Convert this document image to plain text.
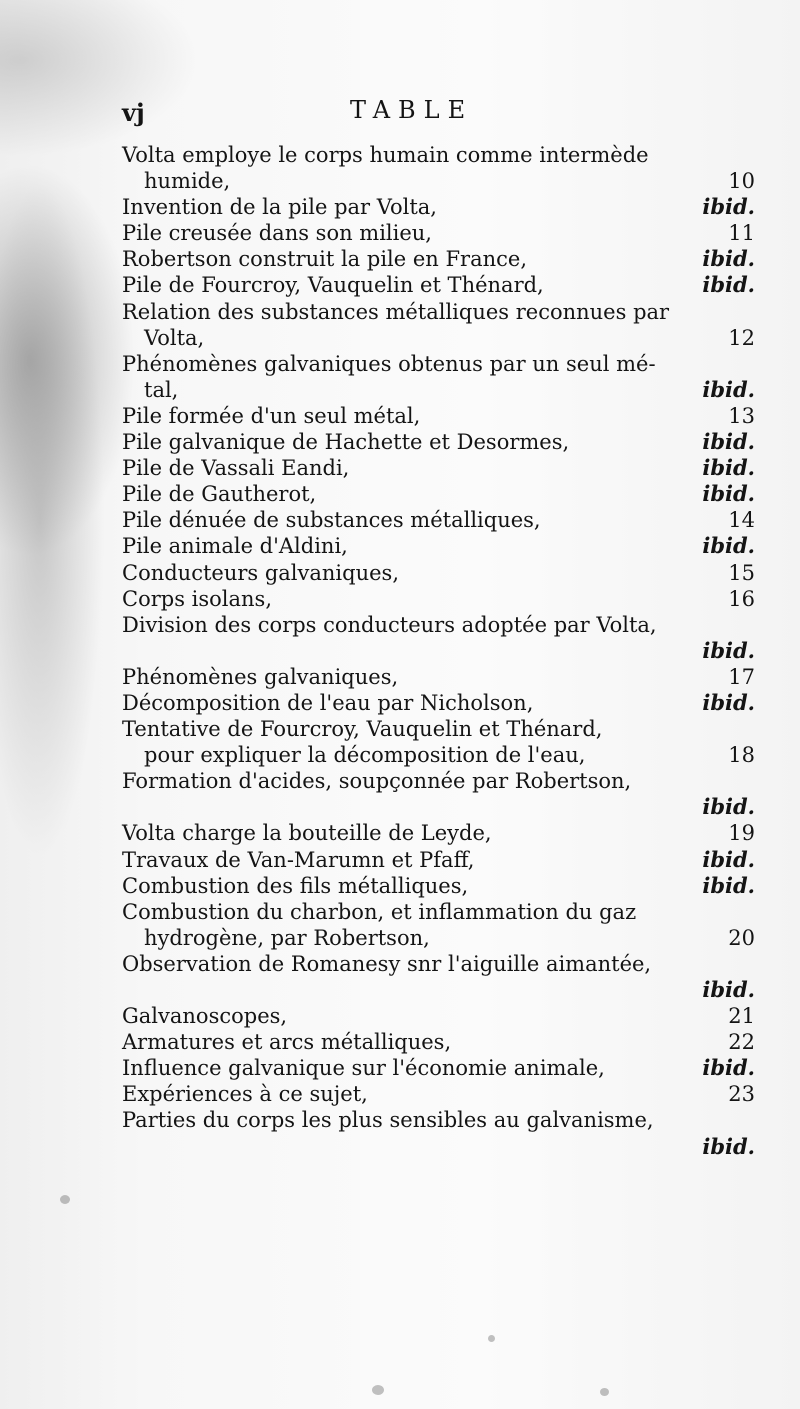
vj	TABLE
Volta employe le corps humain comme intermède
humide,	10
Invention de la pile par Volta,	ibid.
Pile creusée dans son milieu,	11
Robertson construit la pile en France,	ibid.
Pile de Fourcroy, Vauquelin et Thénard,	ibid.
Relation des substances métalliques reconnues par
Volta,	12
Phénomènes galvaniques obtenus par un seul mé-
tal,	ibid.
Pile formée d'un seul métal,	13
Pile galvanique de Hachette et Desormes,	ibid.
Pile de Vassali Eandi,	ibid.
Pile de Gautherot,	ibid.
Pile dénuée de substances métalliques,	14
Pile animale d'Aldini,	ibid.
Conducteurs galvaniques,	15
Corps isolans,	16
Division des corps conducteurs adoptée par Volta,

ibid.
Phénomènes galvaniques,	17
Décomposition de l'eau par Nicholson,	ibid.
Tentative de Fourcroy, Vauquelin et Thénard,
pour expliquer la décomposition de l'eau,	18
Formation d'acides, soupçonnée par Robertson,

ibid.
Volta charge la bouteille de Leyde,	19
Travaux de Van-Marumn et Pfaff,	ibid.
Combustion des fils métalliques,	ibid.
Combustion du charbon, et inflammation du gaz
hydrogène, par Robertson,	20
Observation de Romanesy snr l'aiguille aimantée,

ibid.
Galvanoscopes,	21
Armatures et arcs métalliques,	22
Influence galvanique sur l'économie animale,	ibid.
Expériences à ce sujet,	23
Parties du corps les plus sensibles au galvanisme,

ibid.
